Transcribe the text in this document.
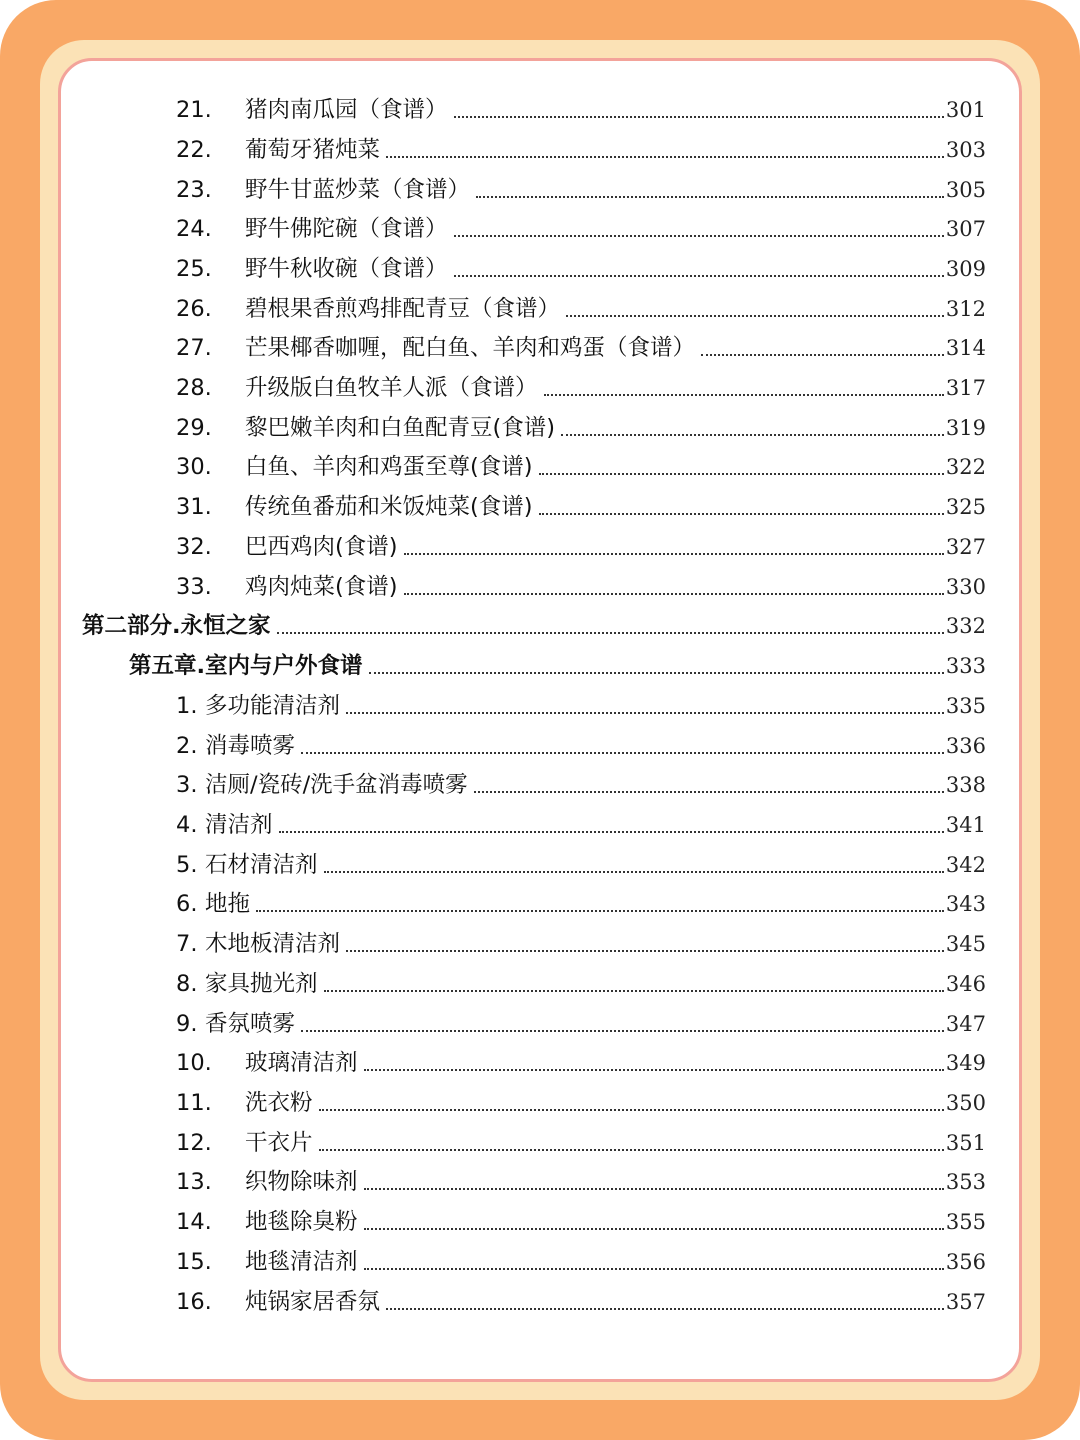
21.	猪肉南瓜园（食谱）	301
22.	葡萄牙猪炖菜	303
23.	野牛甘蓝炒菜（食谱）	305
24.	野牛佛陀碗（食谱）	307
25.	野牛秋收碗（食谱）	309
26.	碧根果香煎鸡排配青豆（食谱）	312
27.	芒果椰香咖喱，配白鱼、羊肉和鸡蛋（食谱）	314
28.	升级版白鱼牧羊人派（食谱）	317
29.	黎巴嫩羊肉和白鱼配青豆(食谱)	319
30.	白鱼、羊肉和鸡蛋至尊(食谱)	322
31.	传统鱼番茄和米饭炖菜(食谱)	325
32.	巴西鸡肉(食谱)	327
33.	鸡肉炖菜(食谱)	330
第二部分.永恒之家	332
第五章.室内与户外食谱	333
1. 多功能清洁剂	335
2. 消毒喷雾	336
3. 洁厕/瓷砖/洗手盆消毒喷雾	338
4. 清洁剂	341
5. 石材清洁剂	342
6. 地拖	343
7. 木地板清洁剂	345
8. 家具抛光剂	346
9. 香氛喷雾	347
10.	玻璃清洁剂	349
11.	洗衣粉	350
12.	干衣片	351
13.	织物除味剂	353
14.	地毯除臭粉	355
15.	地毯清洁剂	356
16.	炖锅家居香氛	357
